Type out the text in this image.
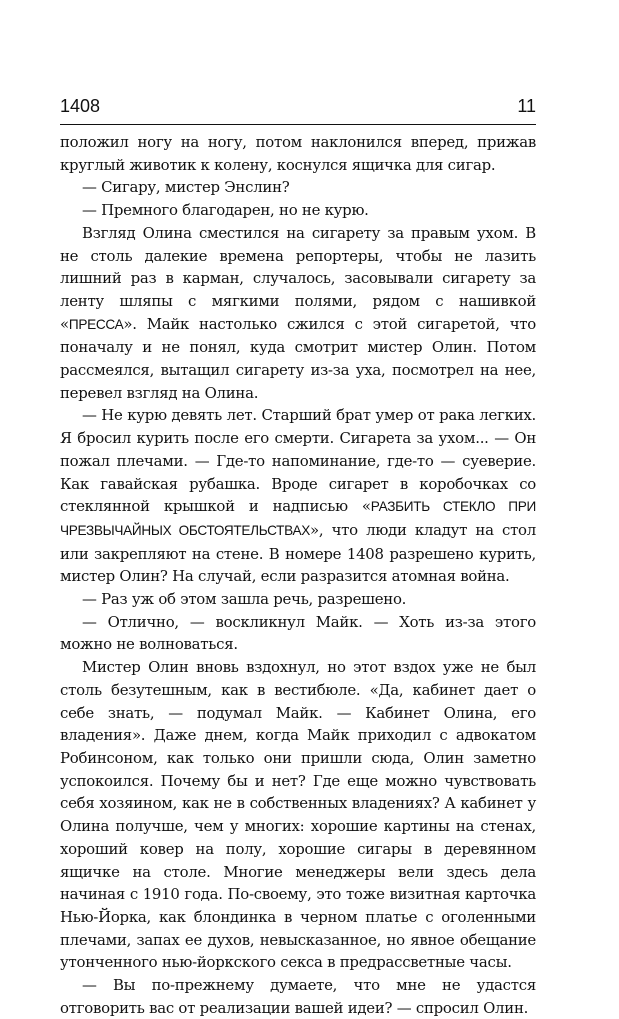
1408	11

положил ногу на ногу, потом наклонился вперед, прижав круглый животик к колену, коснулся ящичка для сигар.

— Сигару, мистер Энслин?

— Премного благодарен, но не курю.

Взгляд Олина сместился на сигарету за правым ухом. В не столь далекие времена репортеры, чтобы не лазить лишний раз в карман, случалось, засовывали сигарету за ленту шляпы с мягкими полями, рядом с нашивкой «ПРЕССА». Майк настолько сжился с этой сигаретой, что поначалу и не понял, куда смотрит мистер Олин. Потом рассмеялся, вытащил сигарету из-за уха, посмотрел на нее, перевел взгляд на Олина.

— Не курю девять лет. Старший брат умер от рака легких. Я бросил курить после его смерти. Сигарета за ухом... — Он пожал плечами. — Где-то напоминание, где-то — суеверие. Как гавайская рубашка. Вроде сигарет в коробочках со стеклянной крышкой и надписью «РАЗБИТЬ СТЕКЛО ПРИ ЧРЕЗВЫЧАЙНЫХ ОБСТОЯТЕЛЬСТВАХ», что люди кладут на стол или закрепляют на стене. В номере 1408 разрешено курить, мистер Олин? На случай, если разразится атомная война.

— Раз уж об этом зашла речь, разрешено.

— Отлично, — воскликнул Майк. — Хоть из-за этого можно не волноваться.

Мистер Олин вновь вздохнул, но этот вздох уже не был столь безутешным, как в вестибюле. «Да, кабинет дает о себе знать, — подумал Майк. — Кабинет Олина, его владения». Даже днем, когда Майк приходил с адвокатом Робинсоном, как только они пришли сюда, Олин заметно успокоился. Почему бы и нет? Где еще можно чувствовать себя хозяином, как не в собственных владениях? А кабинет у Олина получше, чем у многих: хорошие картины на стенах, хороший ковер на полу, хорошие сигары в деревянном ящичке на столе. Многие менеджеры вели здесь дела начиная с 1910 года. По-своему, это тоже визитная карточка Нью-Йорка, как блондинка в черном платье с оголенными плечами, запах ее духов, невысказанное, но явное обещание утонченного нью-йоркского секса в предрассветные часы.

— Вы по-прежнему думаете, что мне не удастся отговорить вас от реализации вашей идеи? — спросил Олин.
